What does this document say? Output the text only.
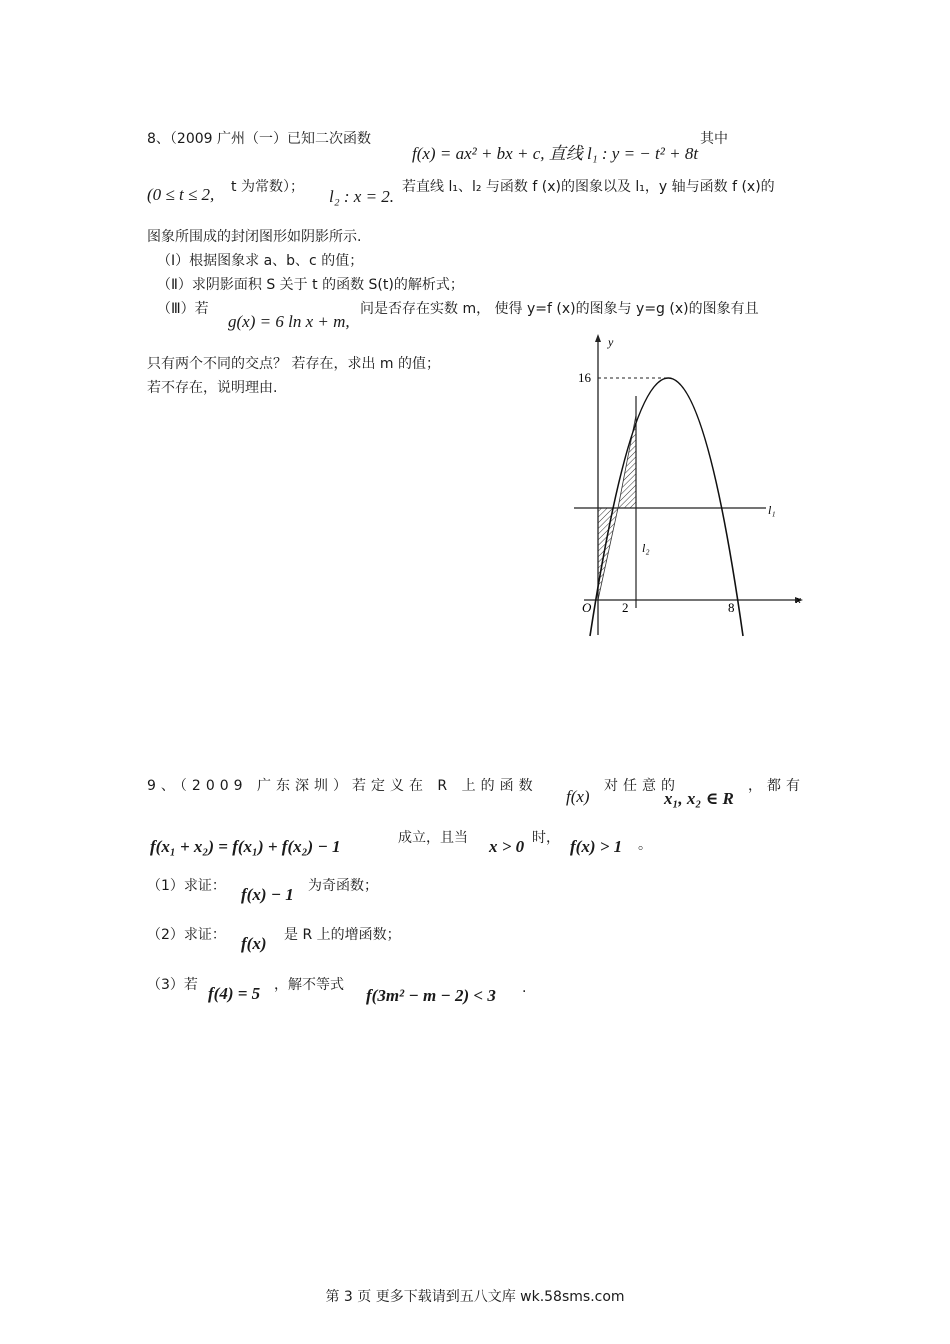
8、（2009 广州（一）已知二次函数
f(x) = ax² + bx + c, 直线 l₁ : y = − t² + 8t
其中
(0 ≤ t ≤ 2, t 为常数）； l₂ : x = 2. 若直线 l₁、l₂ 与函数 f (x)的图象以及 l₁，y 轴与函数 f (x)的
图象所围成的封闭图形如阴影所示.
（Ⅰ）根据图象求 a、b、c 的值；
（Ⅱ）求阴影面积 S 关于 t 的函数 S(t)的解析式；
（Ⅲ）若
g(x) = 6 ln x + m,
问是否存在实数 m， 使得 y=f (x)的图象与 y=g (x)的图象有且
只有两个不同的交点？ 若存在，求出 m 的值；
若不存在，说明理由.
y
x
16
O 2	8
l₁
l₂
9、（2009 广东深圳）若定义在 R 上的函数
f(x)
对任意的
x₁, x₂ ∈ R
，都有
f(x₁ + x₂) = f(x₁) + f(x₂) − 1	成立，且当 x > 0 时， f(x) > 1 。
（1）求证： f(x) − 1 为奇函数；
（2）求证： f(x) 是 R 上的增函数；
（3）若 f(4) = 5 ，解不等式
f(3m² − m − 2) < 3 .
第 3 页 更多下载请到五八文库 wk.58sms.com
